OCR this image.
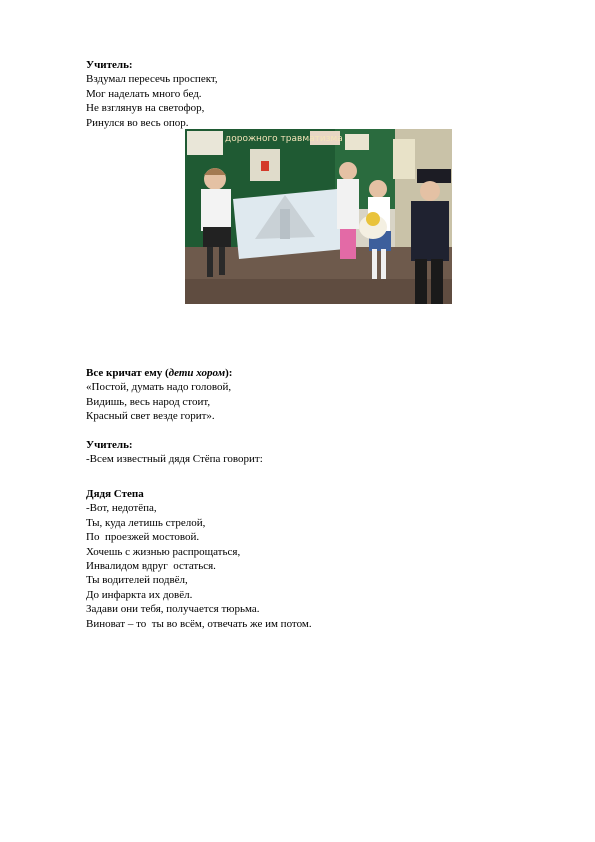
Учитель:
Вздумал пересечь проспект,
Мог наделать много бед.
Не взглянув на светофор,
Ринулся во весь опор.
дорожного травматизма
Все кричат ему (дети хором):
«Постой, думать надо головой,
Видишь, весь народ стоит,
Красный свет везде горит».
Учитель:
-Всем известный дядя Стёпа говорит:
Дядя Степа
-Вот, недотёпа,
Ты, куда летишь стрелой,
По  проезжей мостовой.
Хочешь с жизнью распрощаться,
Инвалидом вдруг  остаться.
Ты водителей подвёл,
До инфаркта их довёл.
Задави они тебя, получается тюрьма.
Виноват – то  ты во всём, отвечать же им потом.
